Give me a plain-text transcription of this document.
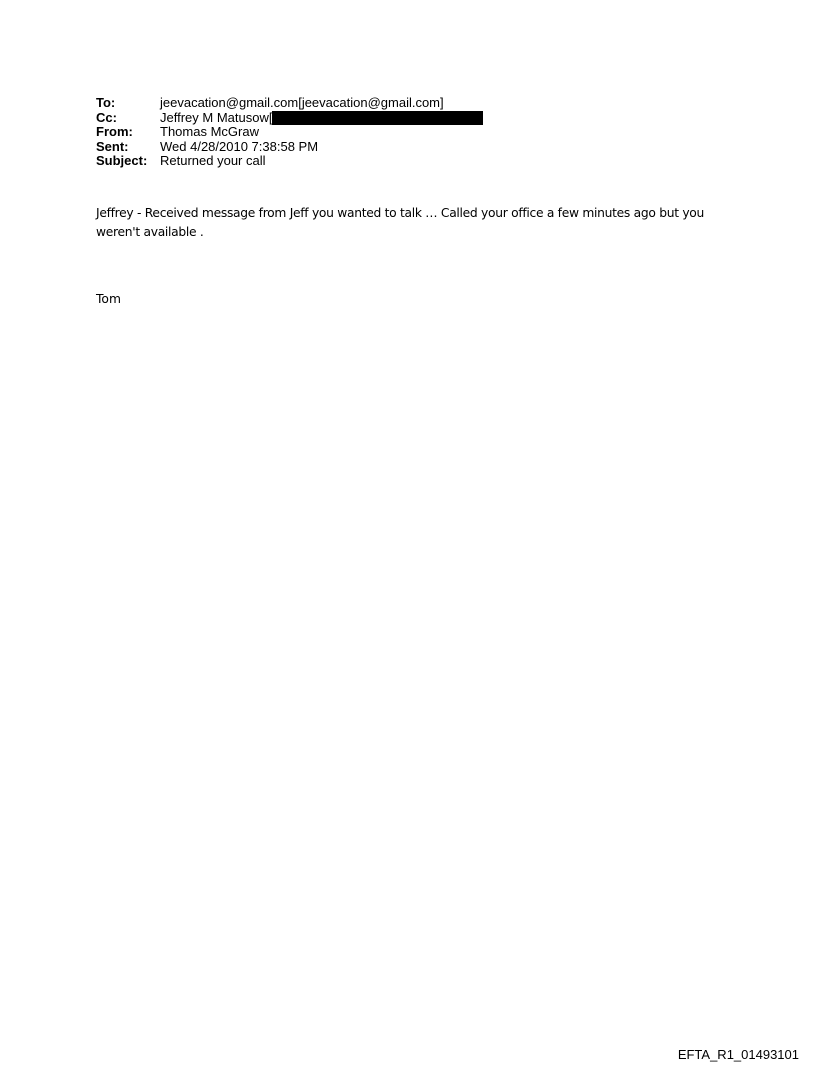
To:	jeevacation@gmail.com[jeevacation@gmail.com]
Cc:	Jeffrey M Matusow[
From:	Thomas McGraw
Sent:	Wed 4/28/2010 7:38:58 PM
Subject: Returned your call
Jeffrey - Received message from Jeff you wanted to talk … Called your office a few minutes ago but you weren't available .
Tom
EFTA_R1_01493101
